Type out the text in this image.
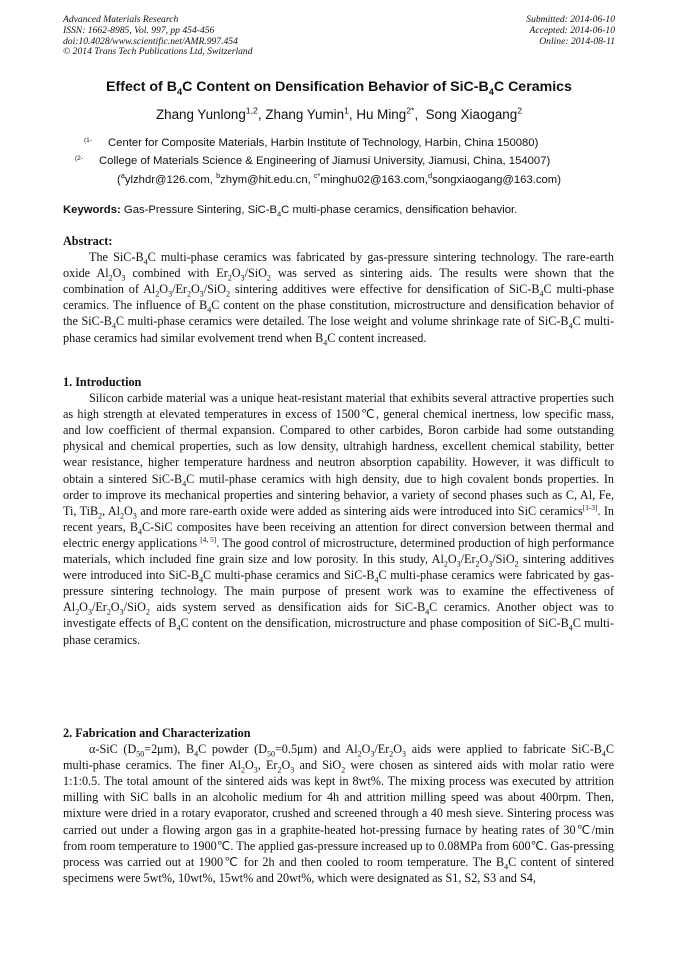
Advanced Materials Research
ISSN: 1662-8985, Vol. 997, pp 454-456
doi:10.4028/www.scientific.net/AMR.997.454
© 2014 Trans Tech Publications Ltd, Switzerland
Submitted: 2014-06-10
Accepted: 2014-06-10
Online: 2014-08-11
Effect of $B_4C$ Content on Densification Behavior of SiC-$B_4C$ Ceramics
Zhang Yunlong$^{1,2}$, Zhang Yumin$^1$, Hu Ming$^{2*}$,  Song Xiaogang$^2$
(1- Center for Composite Materials, Harbin Institute of Technology, Harbin, China 150080)
(2- College of Materials Science & Engineering of Jiamusi University, Jiamusi, China, 154007)
($^a$ylzhdr@126.com, $^b$zhym@hit.edu.cn, $^{c*}$minghu02@163.com,$^d$songxiaogang@163.com)
Keywords: Gas-Pressure Sintering, SiC-$B_4C$ multi-phase ceramics, densification behavior.

Abstract:

The SiC-$B_4C$ multi-phase ceramics was fabricated by gas-pressure sintering technology. The rare-earth oxide $Al_2O_3$ combined with $Er_2O_3/SiO_2$ was served as sintering aids. The results were shown that the combination of $Al_2O_3/Er_2O_3/SiO_2$ sintering additives were effective for densification of SiC-$B_4C$ multi-phase ceramics. The influence of $B_4C$ content on the phase constitution, microstructure and densification behavior of the SiC-$B_4C$ multi-phase ceramics were detailed. The lose weight and volume shrinkage rate of SiC-$B_4C$ multi-phase ceramics had similar evolvement trend when $B_4C$ content increased.

1. Introduction

Silicon carbide material was a unique heat-resistant material that exhibits several attractive properties such as high strength at elevated temperatures in excess of 1500℃, general chemical inertness, low specific mass, and low coefficient of thermal expansion. Compared to other carbides, Boron carbide had some outstanding physical and chemical properties, such as low density, ultrahigh hardness, excellent chemical stability, better wear resistance, higher temperature hardness and neutron absorption capability. However, it was difficult to obtain a sintered SiC-$B_4C$ mutil-phase ceramics with high density, due to high covalent bonds properties. In order to improve its mechanical properties and sintering behavior, a variety of second phases such as C, Al, Fe, Ti, TiB$_2$, $Al_2O_3$ and more rare-earth oxide were added as sintering aids were introduced into SiC ceramics[1-3]. In recent years, $B_4C$-SiC composites have been receiving an attention for direct conversion between thermal and electric energy applications [4, 5]. The good control of microstructure, determined production of high performance materials, which included fine grain size and low porosity. In this study, $Al_2O_3/Er_2O_3/SiO_2$ sintering additives were introduced into SiC-$B_4C$ multi-phase ceramics and SiC-$B_4C$ multi-phase ceramics were fabricated by gas-pressure sintering technology. The main purpose of present work was to examine the effectiveness of $Al_2O_3/Er_2O_3/SiO_2$ aids system served as densification aids for SiC-$B_4C$ ceramics. Another object was to investigate effects of $B_4C$ content on the densification, microstructure and phase composition of SiC-$B_4C$ multi-phase ceramics.

2. Fabrication and Characterization

α-SiC $(D_{50}=2\mu m)$, $B_4C$ powder $(D_{50}=0.5\mu m)$ and $Al_2O_3/Er_2O_3$ aids were applied to fabricate SiC-$B_4C$ multi-phase ceramics. The finer $Al_2O_3$, $Er_2O_3$ and SiO$_2$ were chosen as sintered aids with molar ratio were 1:1:0.5. The total amount of the sintered aids was kept in 8wt%. The mixing process was executed by attrition milling with SiC balls in an alcoholic medium for 4h and attrition milling speed was about 400rpm. Then, mixture were dried in a rotary evaporator, crushed and screened through a 40 mesh sieve. Sintering process was carried out under a flowing argon gas in a graphite-heated hot-pressing furnace by heating rates of 30℃/min from room temperature to 1900℃. The applied gas-pressure increased up to 0.08MPa from 600℃. Gas-pressing process was carried out at 1900℃ for 2h and then cooled to room temperature. The $B_4C$ content of sintered specimens were 5wt%, 10wt%, 15wt% and 20wt%, which were designated as S1, S2, S3 and S4,
